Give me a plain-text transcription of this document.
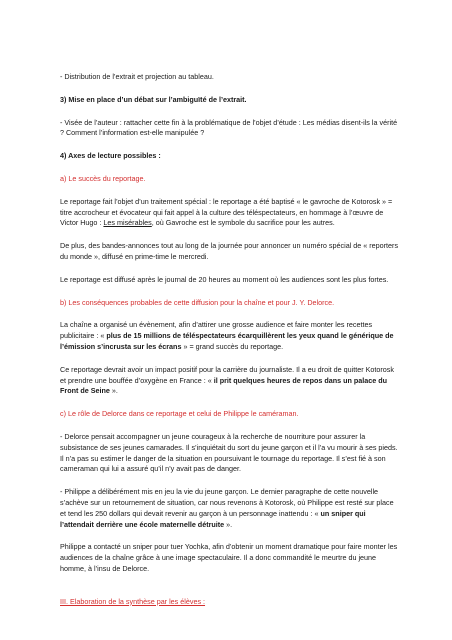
- Distribution de l’extrait et projection au tableau.

3) Mise en place d’un débat sur l’ambiguïté de l’extrait.

- Visée de l’auteur : rattacher cette fin à la problématique de l’objet d’étude : Les médias disent-ils la vérité ? Comment l’information est-elle manipulée ?

4) Axes de lecture possibles :

a) Le succès du reportage.

Le reportage fait l’objet d’un traitement spécial : le reportage a été baptisé « le gavroche de Kotorosk » = titre accrocheur et évocateur qui fait appel à la culture des téléspectateurs, en hommage à l’œuvre de Victor Hugo : Les misérables, où Gavroche est le symbole du sacrifice pour les autres.

De plus, des bandes-annonces tout au long de la journée pour annoncer un numéro spécial de « reporters du monde », diffusé en prime-time le mercredi.

Le reportage est diffusé après le journal de 20 heures au moment où les audiences sont les plus fortes.

b) Les conséquences probables de cette diffusion pour la chaîne et pour J. Y. Delorce.

La chaîne a organisé un évènement, afin d’attirer une grosse audience et faire monter les recettes publicitaire : « plus de 15 millions de téléspectateurs écarquillèrent les yeux quand le générique de l’émission s’incrusta sur les écrans » = grand succès du reportage.

Ce reportage devrait avoir un impact positif pour la carrière du journaliste. Il a eu droit de quitter Kotorosk et prendre une bouffée d’oxygène en France : « il prit quelques heures de repos dans un palace du Front de Seine ».

c) Le rôle de Delorce dans ce reportage et celui de Philippe le caméraman.

- Delorce pensait accompagner un jeune courageux à la recherche de nourriture pour assurer la subsistance de ses jeunes camarades. Il s’inquiétait du sort du jeune garçon et il l’a vu mourir à ses pieds. Il n’a pas su estimer le danger de la situation en poursuivant le tournage du reportage. Il s’est fié à son cameraman qui lui a assuré qu’il n’y avait pas de danger.

- Philippe a délibérément mis en jeu la vie du jeune garçon. Le dernier paragraphe de cette nouvelle s’achève sur un retournement de situation, car nous revenons à Kotorosk, où Philippe est resté sur place et tend les 250 dollars qui devait revenir au garçon à un personnage inattendu : « un sniper qui l’attendait derrière une école maternelle détruite ».

Philippe a contacté un sniper pour tuer Yochka, afin d’obtenir un moment dramatique pour faire monter les audiences de la chaîne grâce à une image spectaculaire. Il a donc commandité le meurtre du jeune homme, à l’insu de Delorce.

III. Elaboration de la synthèse par les élèves :
